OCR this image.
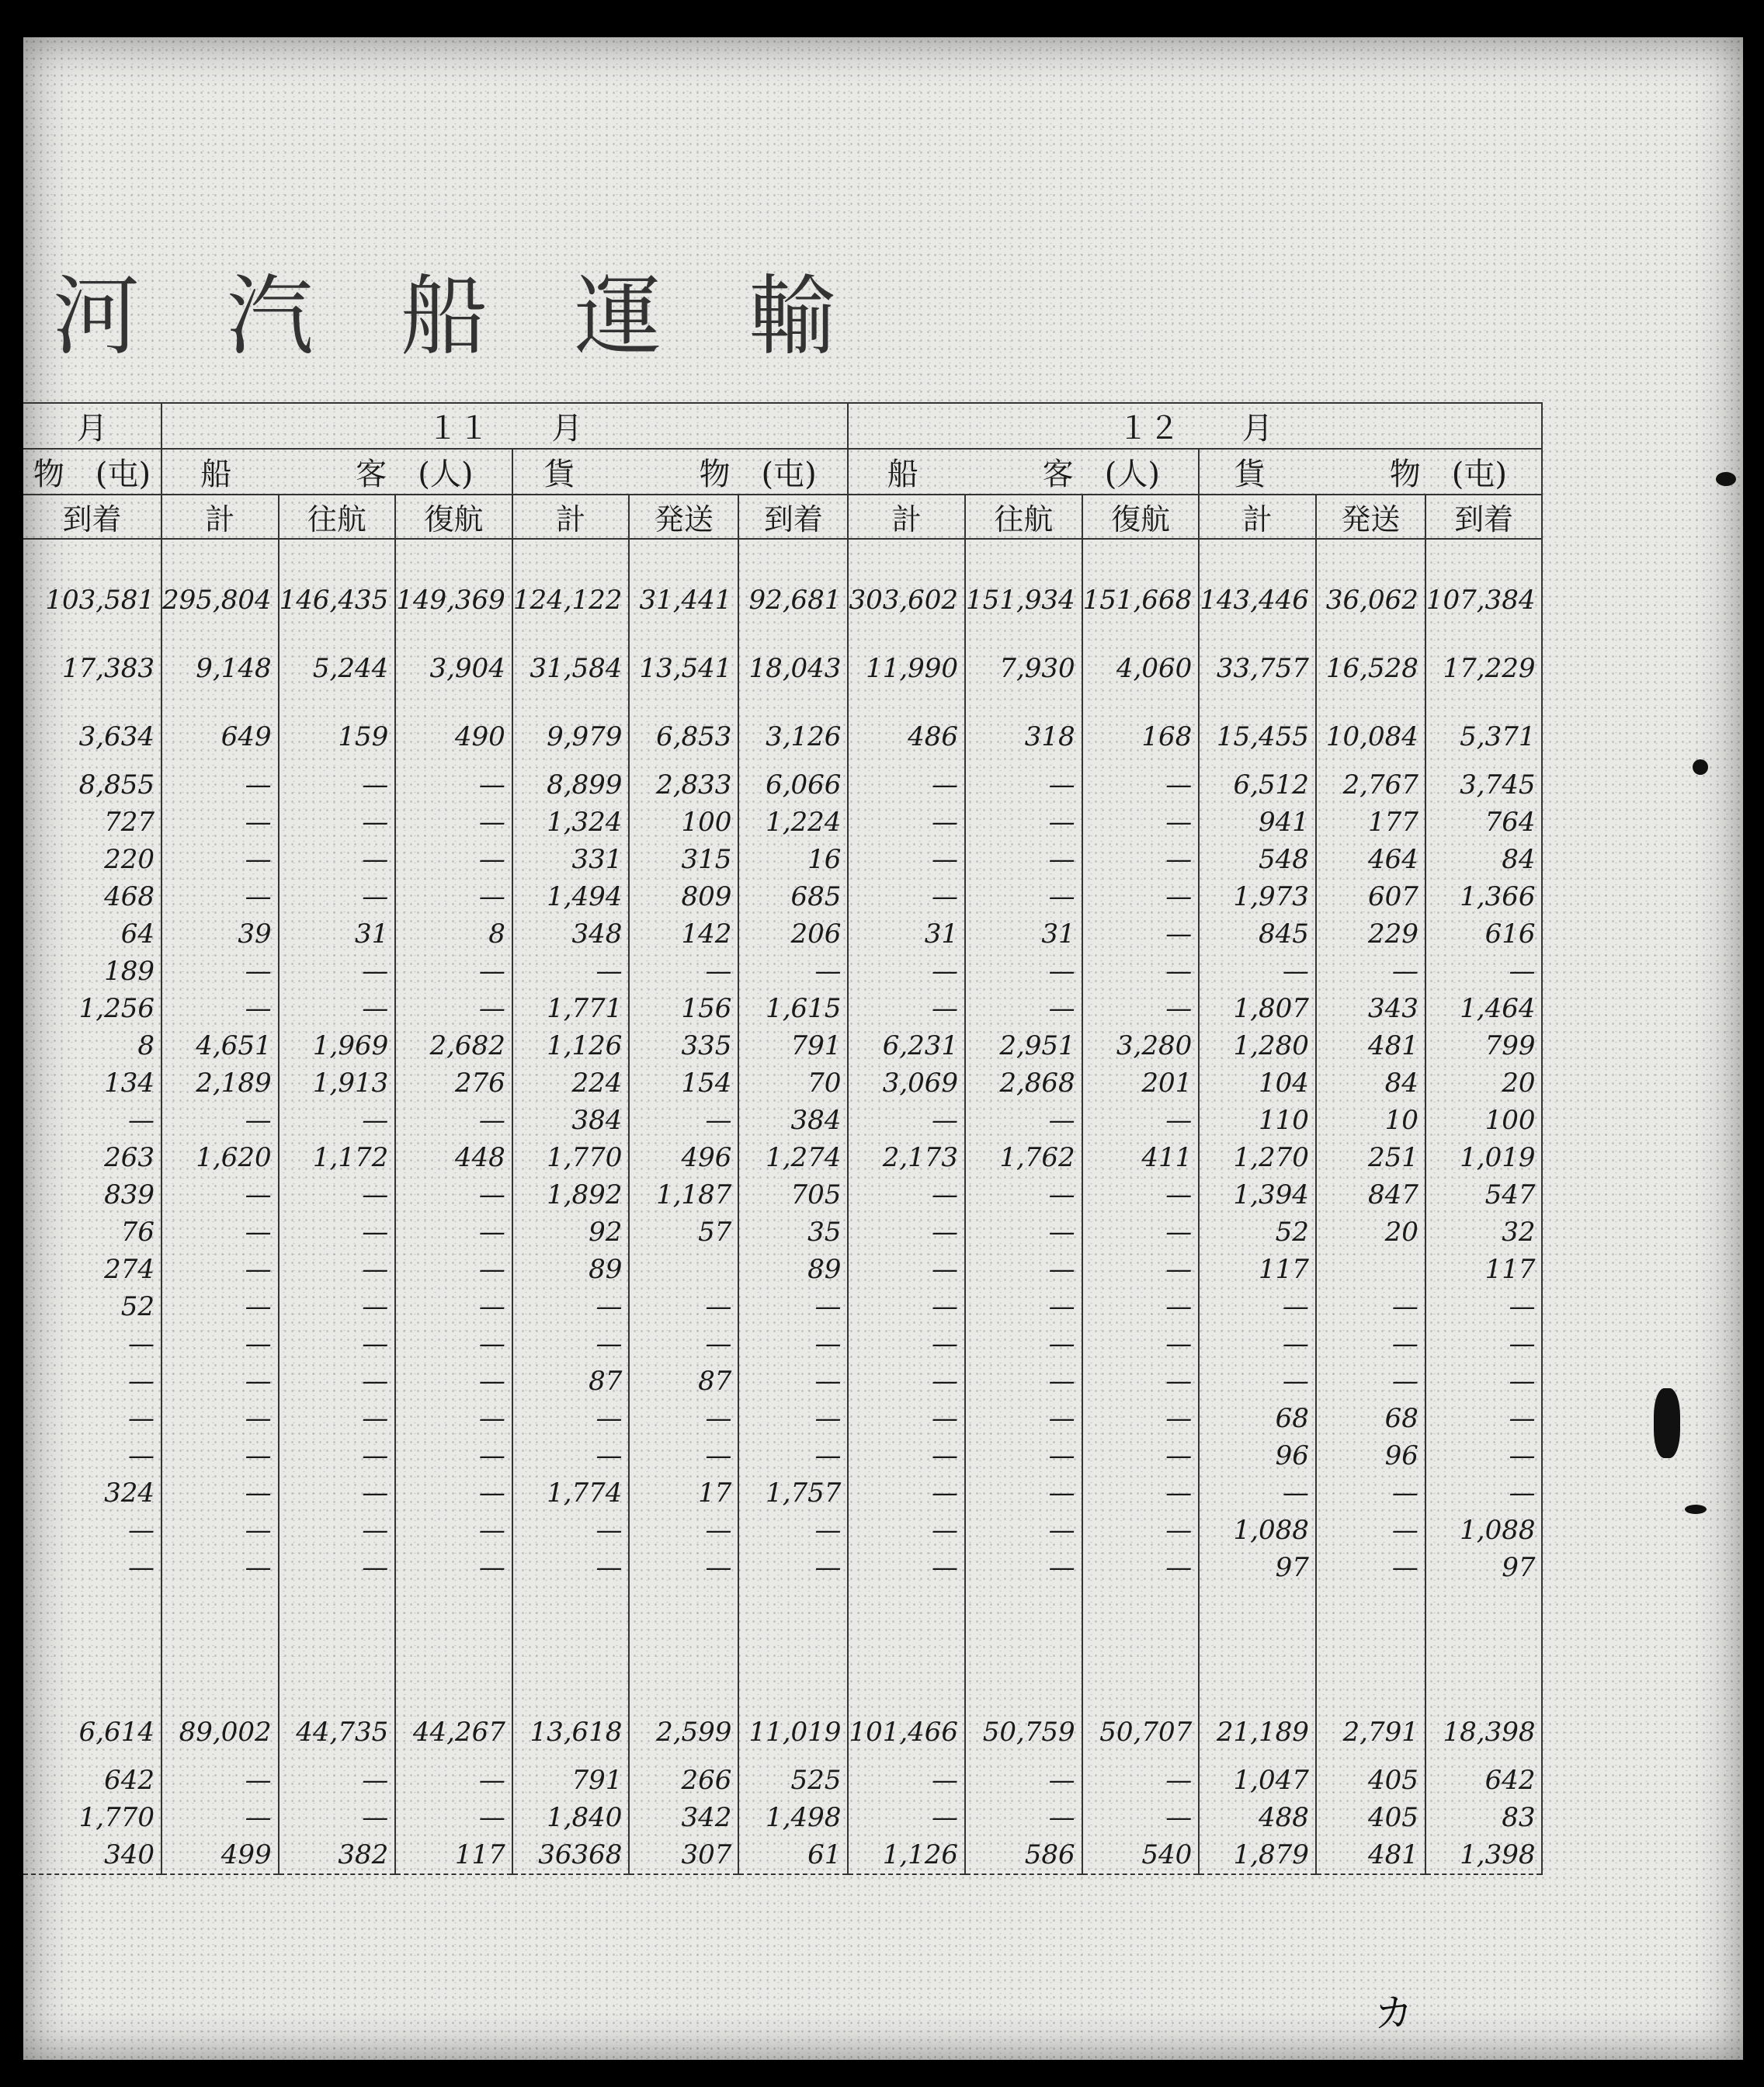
河 汽 船 運 輸
月	１１　　月						１２　　月					
物　(屯)	船　　　　客　(人)			貨　　　　物　(屯)			船　　　　客　(人)			貨　　　　物　(屯)		
到着	計	往航	復航	計	発送	到着	計	往航	復航	計	発送	到着

103,581	295,804	146,435	149,369	124,122	31,441	92,681	303,602	151,934	151,668	143,446	36,062	107,384
17,383	9,148	5,244	3,904	31,584	13,541	18,043	11,990	7,930	4,060	33,757	16,528	17,229
3,634	649	159	490	9,979	6,853	3,126	486	318	168	15,455	10,084	5,371
8,855	—	—	—	8,899	2,833	6,066	—	—	—	6,512	2,767	3,745
727	—	—	—	1,324	100	1,224	—	—	—	941	177	764
220	—	—	—	331	315	16	—	—	—	548	464	84
468	—	—	—	1,494	809	685	—	—	—	1,973	607	1,366
64	39	31	8	348	142	206	31	31	—	845	229	616
189	—	—	—	—	—	—	—	—	—	—	—	—
1,256	—	—	—	1,771	156	1,615	—	—	—	1,807	343	1,464
8	4,651	1,969	2,682	1,126	335	791	6,231	2,951	3,280	1,280	481	799
134	2,189	1,913	276	224	154	70	3,069	2,868	201	104	84	20
—	—	—	—	384	—	384	—	—	—	110	10	100
263	1,620	1,172	448	1,770	496	1,274	2,173	1,762	411	1,270	251	1,019
839	—	—	—	1,892	1,187	705	—	—	—	1,394	847	547
76	—	—	—	92	57	35	—	—	—	52	20	32
274	—	—	—	89		89	—	—	—	117		117
52	—	—	—	—	—	—	—	—	—	—	—	—
—	—	—	—	—	—	—	—	—	—	—	—	—
—	—	—	—	87	87	—	—	—	—	—	—	—
—	—	—	—	—	—	—	—	—	—	68	68	—
—	—	—	—	—	—	—	—	—	—	96	96	—
324	—	—	—	1,774	17	1,757	—	—	—	—	—	—
—	—	—	—	—	—	—	—	—	—	1,088	—	1,088
—	—	—	—	—	—	—	—	—	—	97	—	97

6,614	89,002	44,735	44,267	13,618	2,599	11,019	101,466	50,759	50,707	21,189	2,791	18,398
642	—	—	—	791	266	525	—	—	—	1,047	405	642
1,770	—	—	—	1,840	342	1,498	—	—	—	488	405	83
340	499	382	117	36368	307	61	1,126	586	540	1,879	481	1,398
カ
